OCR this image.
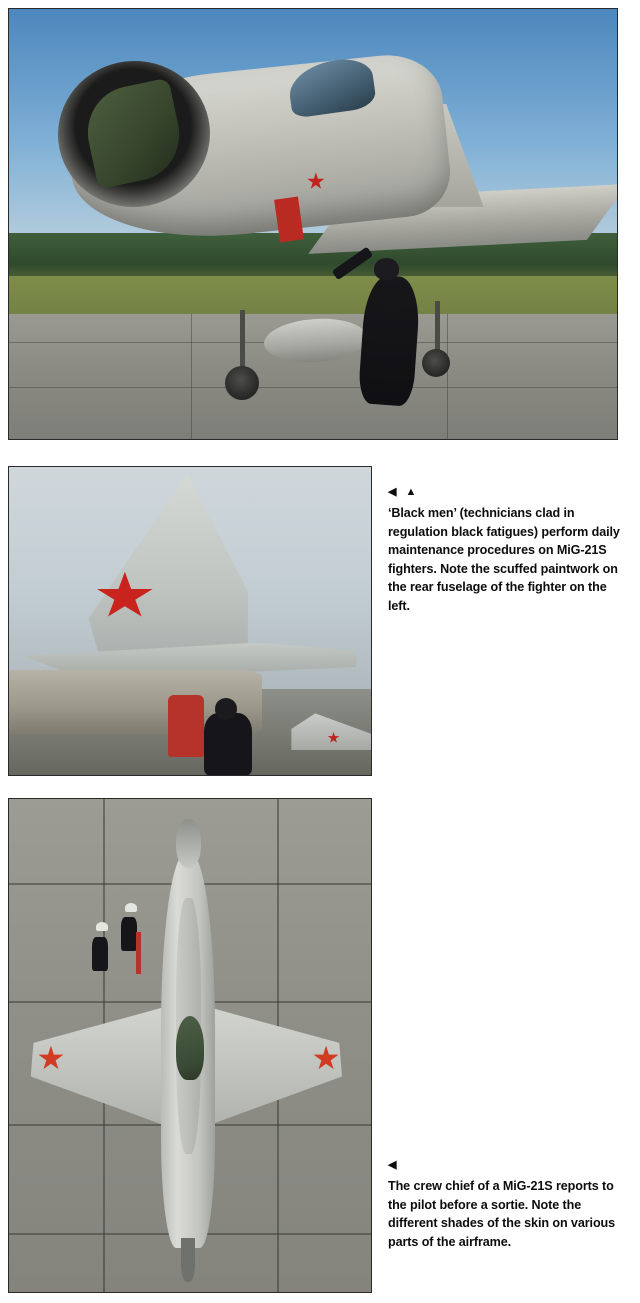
◀ ▲
‘Black men’ (technicians clad in regulation black fatigues) perform daily maintenance procedures on MiG-21S fighters. Note the scuffed paintwork on the rear fuselage of the fighter on the left.
◀
The crew chief of a MiG-21S reports to the pilot before a sortie. Note the different shades of the skin on various parts of the airframe.
